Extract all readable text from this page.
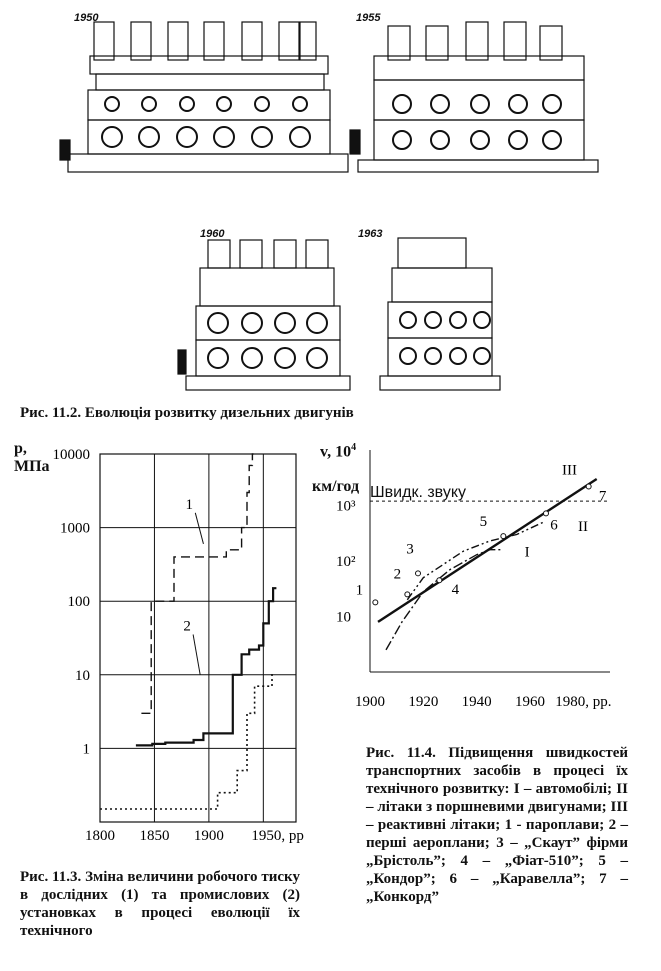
1950	1955
1960	1963
Рис. 11.2. Еволюція розвитку дизельних двигунів
p,
МПа
1800 1850 1900 1950, рр
1
10
100
1000
10000
1
2
Рис. 11.3. Зміна величини робочого тиску в дослідних (1) та промислових (2) установках в процесі еволюції їх технічного
v, $10^4$
км/год Швидк. звуку
1900 1920 1940 1960 1980, рр.
10
10²
10³
III
I
II
1
2
3
4
5	6
7
Рис. 11.4. Підвищення швидкостей транспортних засобів в процесі їх технічного розвитку: I – автомобілі; II – літаки з поршневими двигунами; III – реактивні літаки; 1 - пароплави; 2 – перші аероплани; 3 – „Скаут” фірми „Брістоль”; 4 – „Фіат-510”; 5 – „Кондор”; 6 – „Каравелла”; 7 – „Конкорд”
